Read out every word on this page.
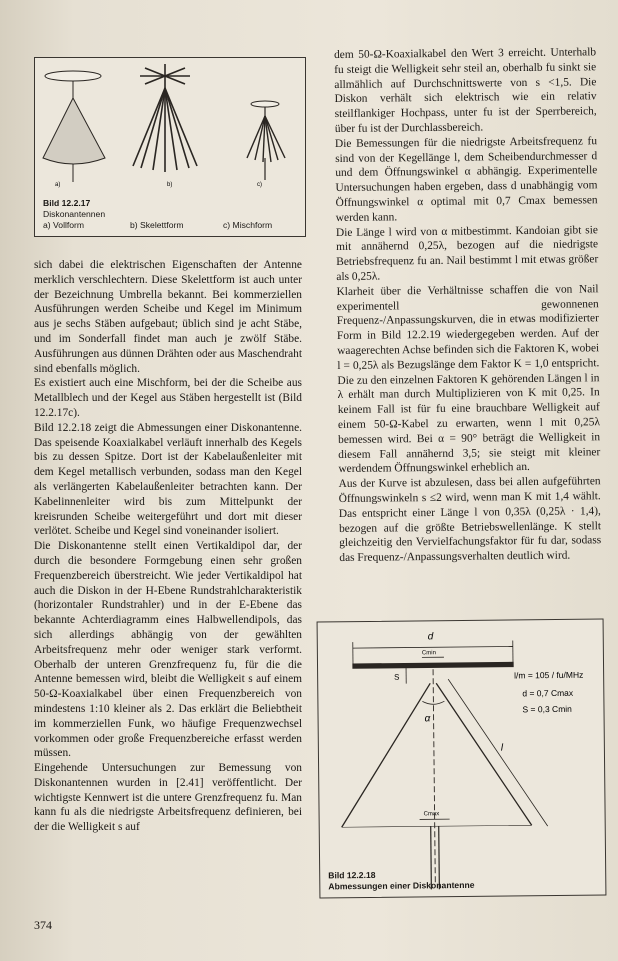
a)	b)	c)
Bild 12.2.17
Diskonantennen
a) Vollform	b) Skelettform	c) Mischform

sich dabei die elektrischen Eigenschaften der Antenne merklich verschlechtern. Diese Skelettform ist auch unter der Bezeichnung Umbrella bekannt. Bei kommerziellen Ausführungen werden Scheibe und Kegel im Minimum aus je sechs Stäben aufgebaut; üblich sind je acht Stäbe, und im Sonderfall findet man auch je zwölf Stäbe. Ausführungen aus dünnen Drähten oder aus Maschendraht sind ebenfalls möglich.

Es existiert auch eine Mischform, bei der die Scheibe aus Metallblech und der Kegel aus Stäben hergestellt ist (Bild 12.2.17c).

Bild 12.2.18 zeigt die Abmessungen einer Diskonantenne. Das speisende Koaxialkabel verläuft innerhalb des Kegels bis zu dessen Spitze. Dort ist der Kabelaußenleiter mit dem Kegel metallisch verbunden, sodass man den Kegel als verlängerten Kabelaußenleiter betrachten kann. Der Kabelinnenleiter wird bis zum Mittelpunkt der kreisrunden Scheibe weitergeführt und dort mit dieser verlötet. Scheibe und Kegel sind voneinander isoliert.

Die Diskonantenne stellt einen Vertikaldipol dar, der durch die besondere Formgebung einen sehr großen Frequenzbereich überstreicht. Wie jeder Vertikaldipol hat auch die Diskon in der H-Ebene Rundstrahlcharakteristik (horizontaler Rundstrahler) und in der E-Ebene das bekannte Achterdiagramm eines Halbwellendipols, das sich allerdings abhängig von der gewählten Arbeitsfrequenz mehr oder weniger stark verformt. Oberhalb der unteren Grenzfrequenz fu, für die die Antenne bemessen wird, bleibt die Welligkeit s auf einem 50-Ω-Koaxialkabel über einen Frequenzbereich von mindestens 1:10 kleiner als 2. Das erklärt die Beliebtheit im kommerziellen Funk, wo häufige Frequenzwechsel vorkommen oder große Frequenzbereiche erfasst werden müssen.

Eingehende Untersuchungen zur Bemessung von Diskonantennen wurden in [2.41] veröffentlicht. Der wichtigste Kennwert ist die untere Grenzfrequenz fu. Man kann fu als die niedrigste Arbeitsfrequenz definieren, bei der die Welligkeit s auf

dem 50-Ω-Koaxialkabel den Wert 3 erreicht. Unterhalb fu steigt die Welligkeit sehr steil an, oberhalb fu sinkt sie allmählich auf Durchschnittswerte von s <1,5. Die Diskon verhält sich elektrisch wie ein relativ steilflankiger Hochpass, unter fu ist der Sperrbereich, über fu ist der Durchlassbereich.

Die Bemessungen für die niedrigste Arbeitsfrequenz fu sind von der Kegellänge l, dem Scheibendurchmesser d und dem Öffnungswinkel α abhängig. Experimentelle Untersuchungen haben ergeben, dass d unabhängig vom Öffnungswinkel α optimal mit 0,7 Cmax bemessen werden kann.

Die Länge l wird von α mitbestimmt. Kandoian gibt sie mit annähernd 0,25λ, bezogen auf die niedrigste Betriebsfrequenz fu an. Nail bestimmt l mit etwas größer als 0,25λ.

Klarheit über die Verhältnisse schaffen die von Nail experimentell gewonnenen Frequenz-/Anpassungskurven, die in etwas modifizierter Form in Bild 12.2.19 wiedergegeben werden. Auf der waagerechten Achse befinden sich die Faktoren K, wobei l = 0,25λ als Bezugslänge dem Faktor K = 1,0 entspricht. Die zu den einzelnen Faktoren K gehörenden Längen l in λ erhält man durch Multiplizieren von K mit 0,25. In keinem Fall ist für fu eine brauchbare Welligkeit auf einem 50-Ω-Kabel zu erwarten, wenn l mit 0,25λ bemessen wird. Bei α = 90° beträgt die Welligkeit in diesem Fall annähernd 3,5; sie steigt mit kleiner werdendem Öffnungswinkel erheblich an.

Aus der Kurve ist abzulesen, dass bei allen aufgeführten Öffnungswinkeln s ≤2 wird, wenn man K mit 1,4 wählt. Das entspricht einer Länge l von 0,35λ (0,25λ · 1,4), bezogen auf die größte Betriebswellenlänge. K stellt gleichzeitig den Vervielfachungsfaktor für fu dar, sodass das Frequenz-/Anpassungsverhalten deutlich wird.

d
Cmin
S
α
l
Cmax
l/m = 105 / fu/MHz
d = 0,7 Cmax
S = 0,3 Cmin
Bild 12.2.18
Abmessungen einer Diskonantenne
374
